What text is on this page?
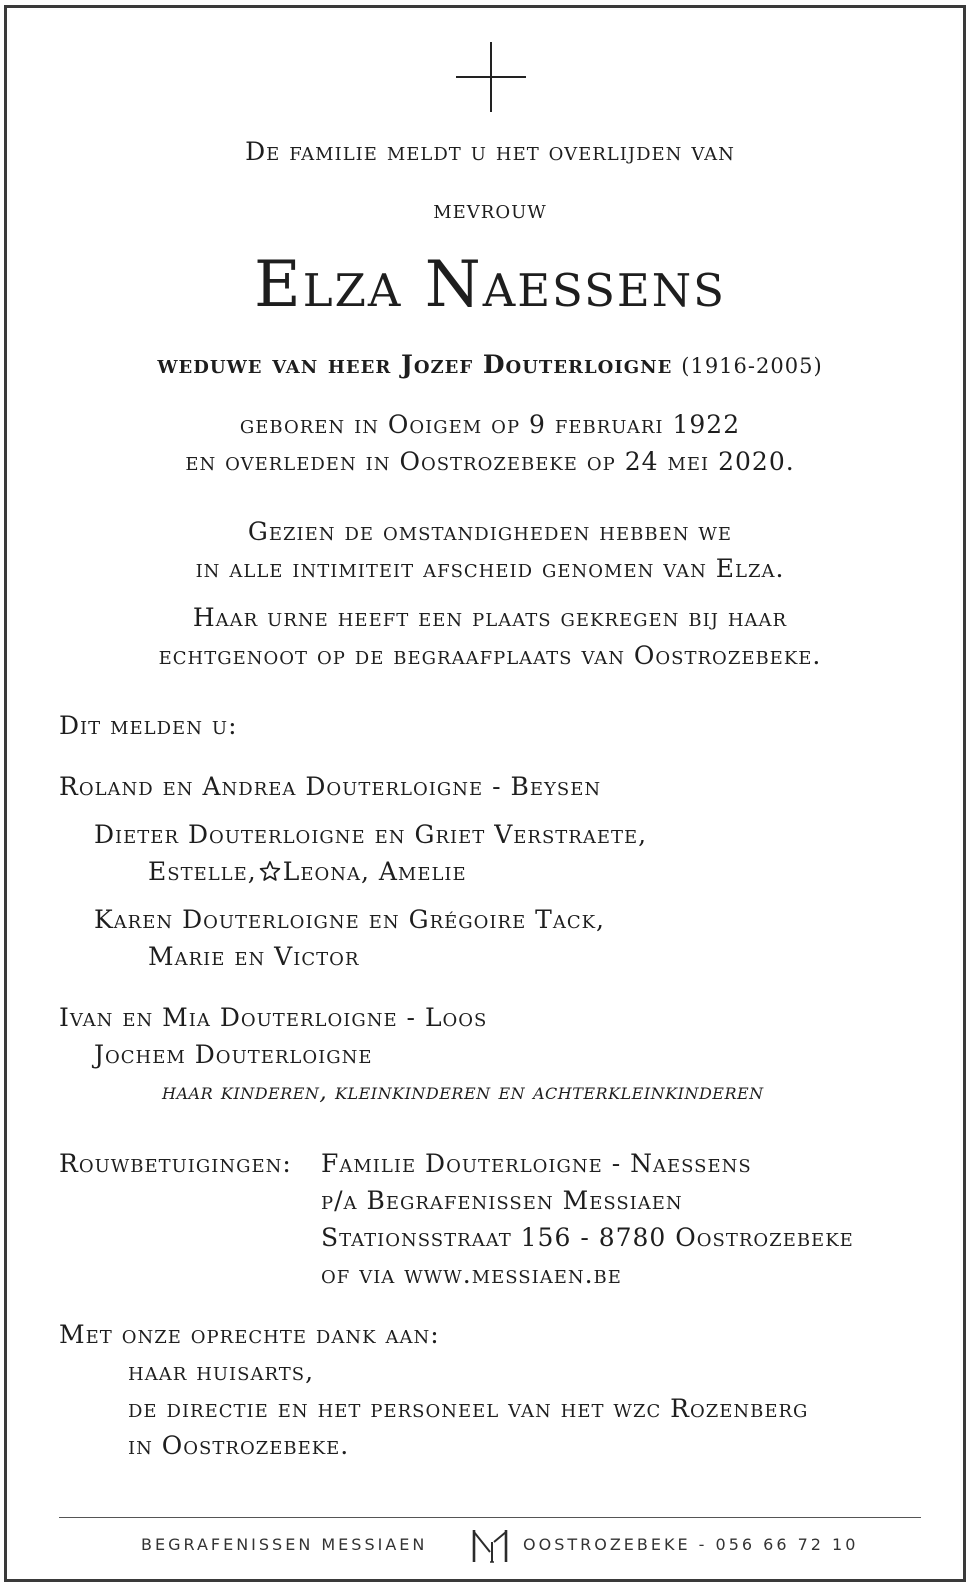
De familie meldt u het overlijden van

mevrouw

Elza Naessens

weduwe van heer Jozef Douterloigne (1916-2005)

geboren in Ooigem op 9 februari 1922

en overleden in Oostrozebeke op 24 mei 2020.

Gezien de omstandigheden hebben we

in alle intimiteit afscheid genomen van Elza.

Haar urne heeft een plaats gekregen bij haar

echtgenoot op de begraafplaats van Oostrozebeke.

Dit melden u:

Roland en Andrea Douterloigne - Beysen

Dieter Douterloigne en Griet Verstraete,

Estelle, Leona, Amelie

Karen Douterloigne en Grégoire Tack,

Marie en Victor

Ivan en Mia Douterloigne - Loos

Jochem Douterloigne

haar kinderen, kleinkinderen en achterkleinkinderen

Rouwbetuigingen: Familie Douterloigne - Naessens

p/a Begrafenissen Messiaen

Stationsstraat 156 - 8780 Oostrozebeke

of via www.messiaen.be

Met onze oprechte dank aan:

haar huisarts,

de directie en het personeel van het wzc Rozenberg

in Oostrozebeke.

BEGRAFENISSEN MESSIAEN	OOSTROZEBEKE - 056 66 72 10
